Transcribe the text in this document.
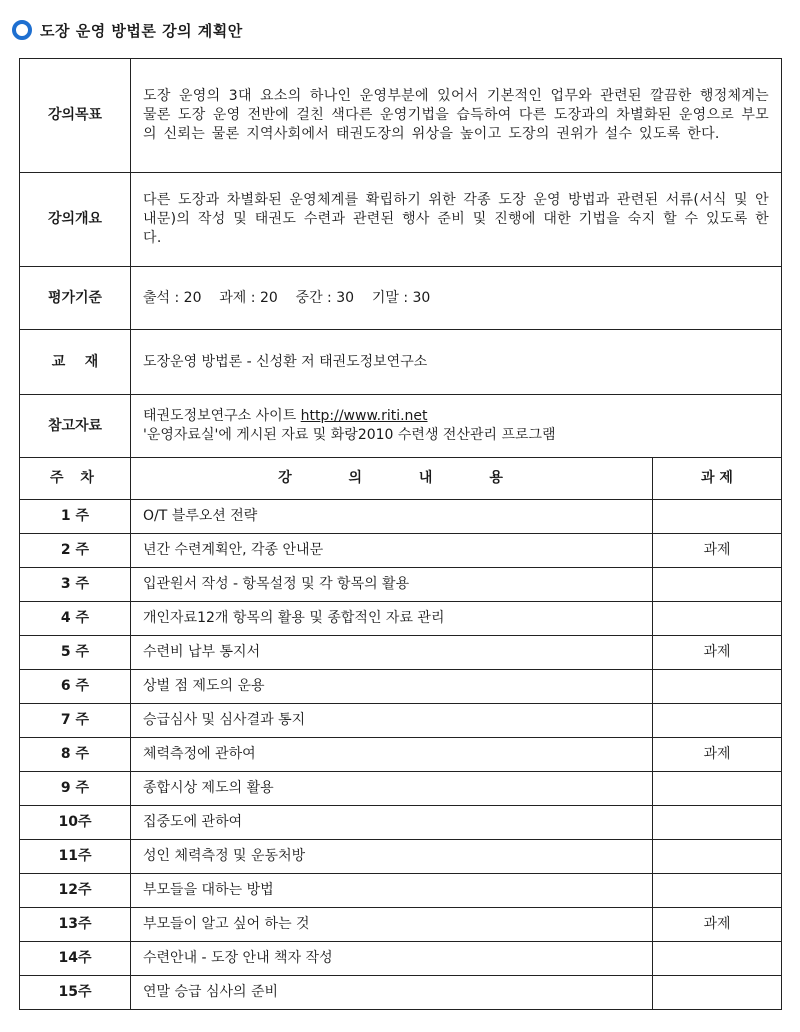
도장 운영 방법론 강의 계획안
강의목표	도장 운영의 3대 요소의 하나인 운영부분에 있어서 기본적인 업무와 관련된 깔끔한 행정체계는 물론 도장 운영 전반에 걸친 색다른 운영기법을 습득하여 다른 도장과의 차별화된 운영으로 부모의 신뢰는 물론 지역사회에서 태권도장의 위상을 높이고 도장의 권위가 설수 있도록 한다.	
강의개요	다른 도장과 차별화된 운영체계를 확립하기 위한 각종 도장 운영 방법과 관련된 서류(서식 및 안내문)의 작성 및 태권도 수련과 관련된 행사 준비 및 진행에 대한 기법을 숙지 할 수 있도록 한다.	
평가기준	출석 : 20    과제 : 20    중간 : 30    기말 : 30	
교    재	도장운영 방법론 - 신성환 저 태권도정보연구소	
참고자료	태권도정보연구소 사이트 http://www.riti.net
'운영자료실'에 게시된 자료 및 화랑2010 수련생 전산관리 프로그램	

주 차	강 의 내 용	과 제
1 주	O/T 블루오션 전략	
2 주	년간 수련계획안, 각종 안내문	과제
3 주	입관원서 작성 - 항목설정 및 각 항목의 활용	
4 주	개인자료12개 항목의 활용 및 종합적인 자료 관리	
5 주	수련비 납부 통지서	과제
6 주	상벌 점 제도의 운용	
7 주	승급심사 및 심사결과 통지	
8 주	체력측정에 관하여	과제
9 주	종합시상 제도의 활용	
10주	집중도에 관하여	
11주	성인 체력측정 및 운동처방	
12주	부모들을 대하는 방법	
13주	부모들이 알고 싶어 하는 것	과제
14주	수련안내 - 도장 안내 책자 작성	
15주	연말 승급 심사의 준비	
